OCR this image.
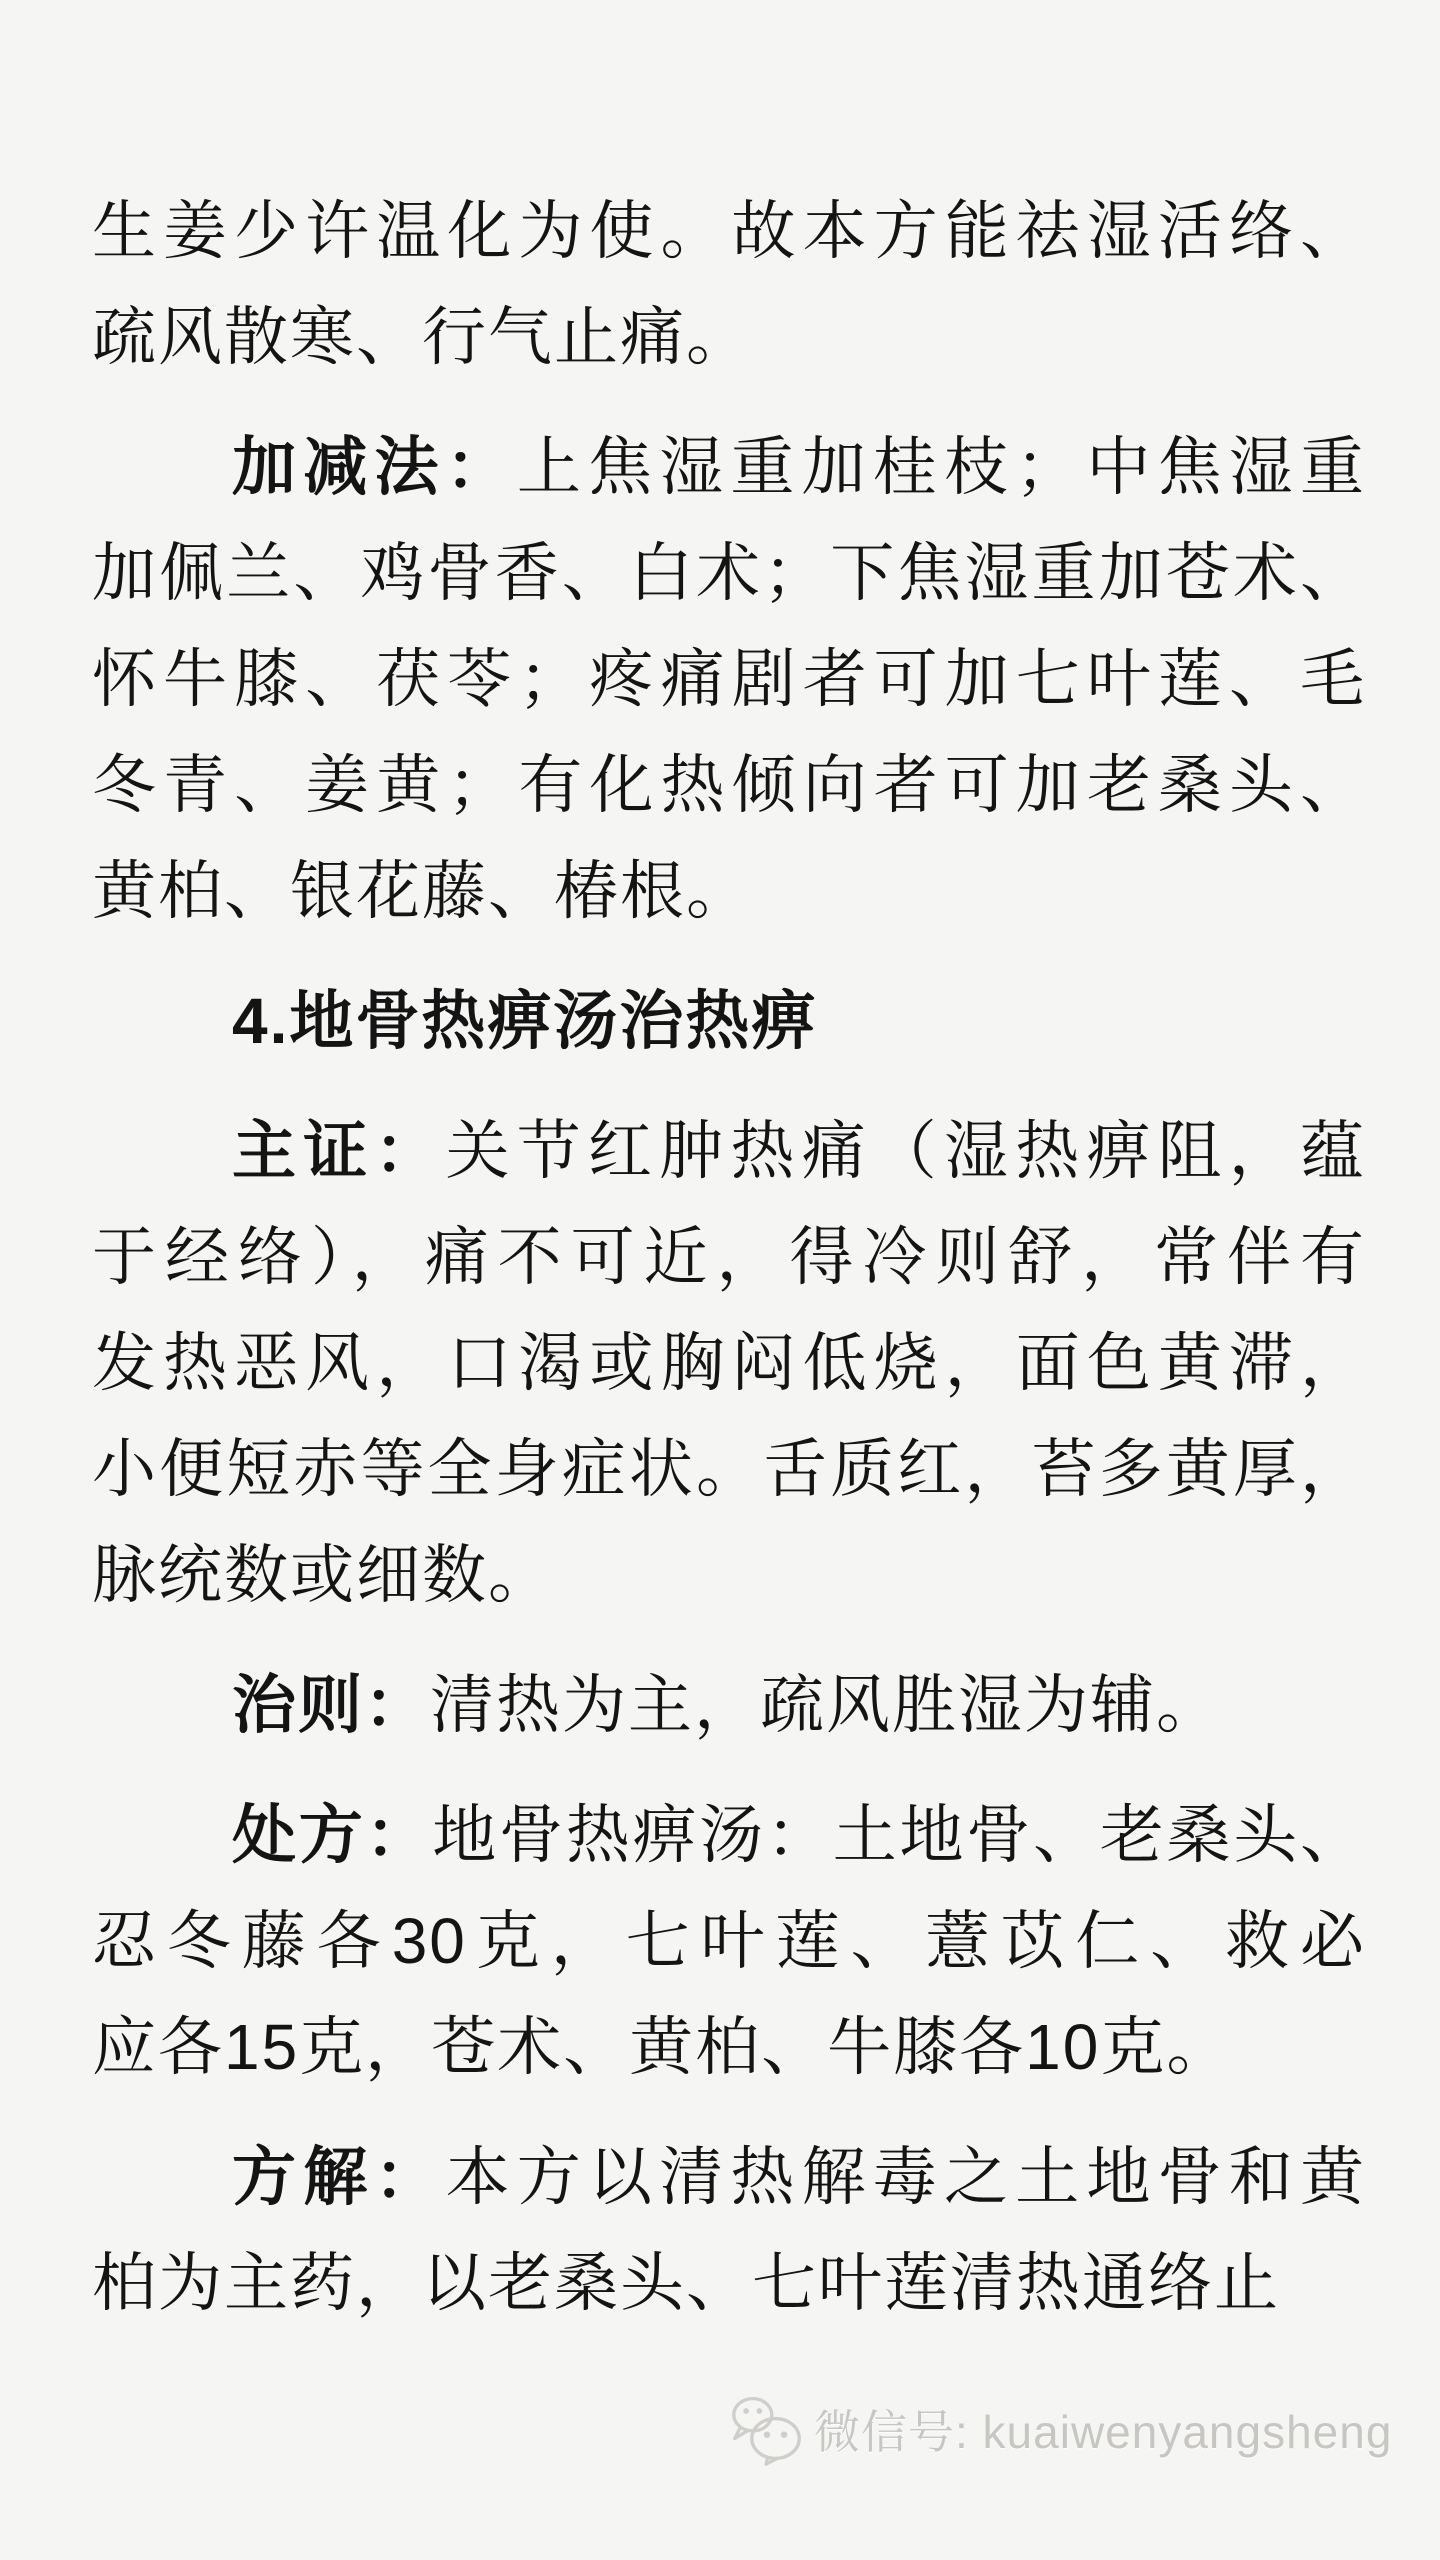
生姜少许温化为使。故本方能祛湿活络、
疏风散寒、行气止痛。

加减法：上焦湿重加桂枝；中焦湿重
加佩兰、鸡骨香、白术；下焦湿重加苍术、
怀牛膝、茯苓；疼痛剧者可加七叶莲、毛
冬青、姜黄；有化热倾向者可加老桑头、
黄柏、银花藤、椿根。

4.地骨热痹汤治热痹

主证：关节红肿热痛（湿热痹阻，蕴
于经络），痛不可近，得冷则舒，常伴有
发热恶风，口渴或胸闷低烧，面色黄滞，
小便短赤等全身症状。舌质红，苔多黄厚，
脉统数或细数。

治则：清热为主，疏风胜湿为辅。

处方：地骨热痹汤：土地骨、老桑头、
忍冬藤各30克，七叶莲、薏苡仁、救必
应各15克，苍术、黄柏、牛膝各10克。

方解：本方以清热解毒之土地骨和黄
柏为主药，以老桑头、七叶莲清热通络止

微信号: kuaiwenyangsheng
